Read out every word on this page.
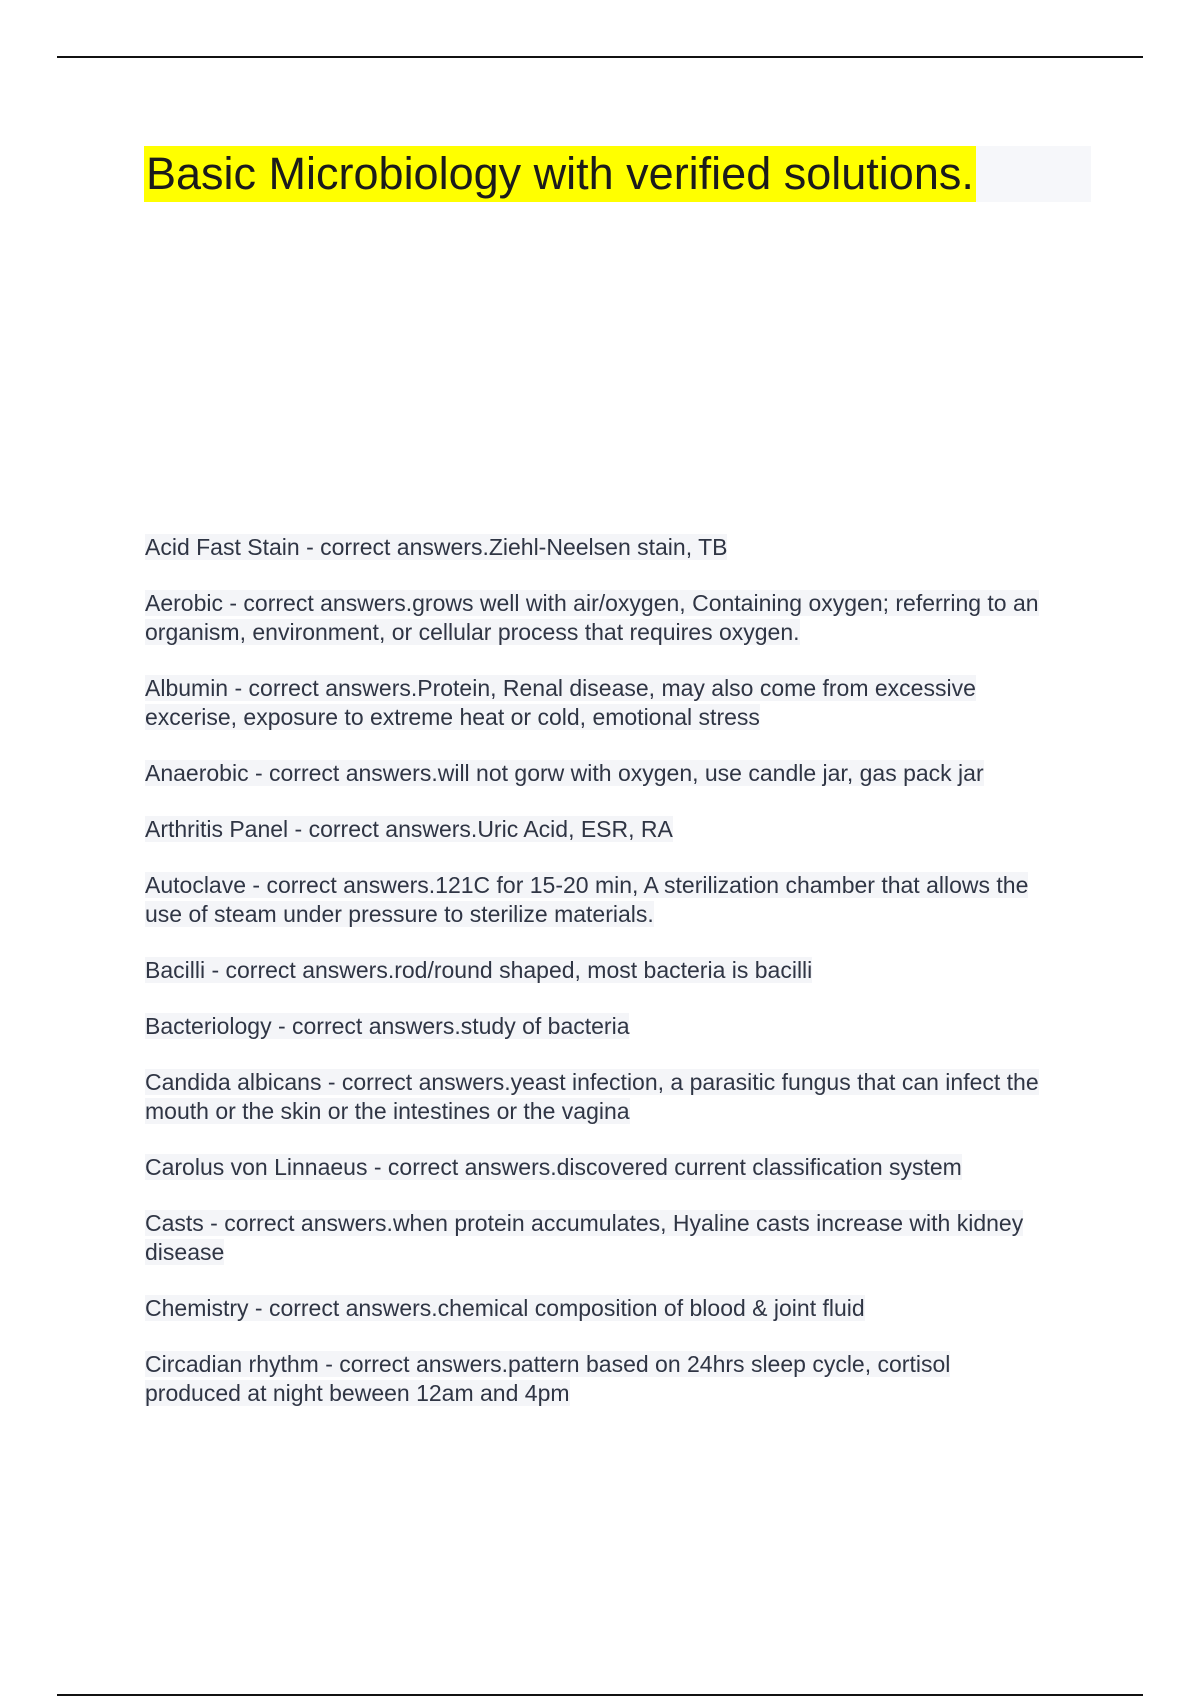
Basic Microbiology with verified solutions.
Acid Fast Stain - correct answers.Ziehl-Neelsen stain, TB
Aerobic - correct answers.grows well with air/oxygen, Containing oxygen; referring to an
organism, environment, or cellular process that requires oxygen.
Albumin - correct answers.Protein, Renal disease, may also come from excessive
excerise, exposure to extreme heat or cold, emotional stress
Anaerobic - correct answers.will not gorw with oxygen, use candle jar, gas pack jar
Arthritis Panel - correct answers.Uric Acid, ESR, RA
Autoclave - correct answers.121C for 15-20 min, A sterilization chamber that allows the
use of steam under pressure to sterilize materials.
Bacilli - correct answers.rod/round shaped, most bacteria is bacilli
Bacteriology - correct answers.study of bacteria
Candida albicans - correct answers.yeast infection, a parasitic fungus that can infect the
mouth or the skin or the intestines or the vagina
Carolus von Linnaeus - correct answers.discovered current classification system
Casts - correct answers.when protein accumulates, Hyaline casts increase with kidney
disease
Chemistry - correct answers.chemical composition of blood & joint fluid
Circadian rhythm - correct answers.pattern based on 24hrs sleep cycle, cortisol
produced at night beween 12am and 4pm
